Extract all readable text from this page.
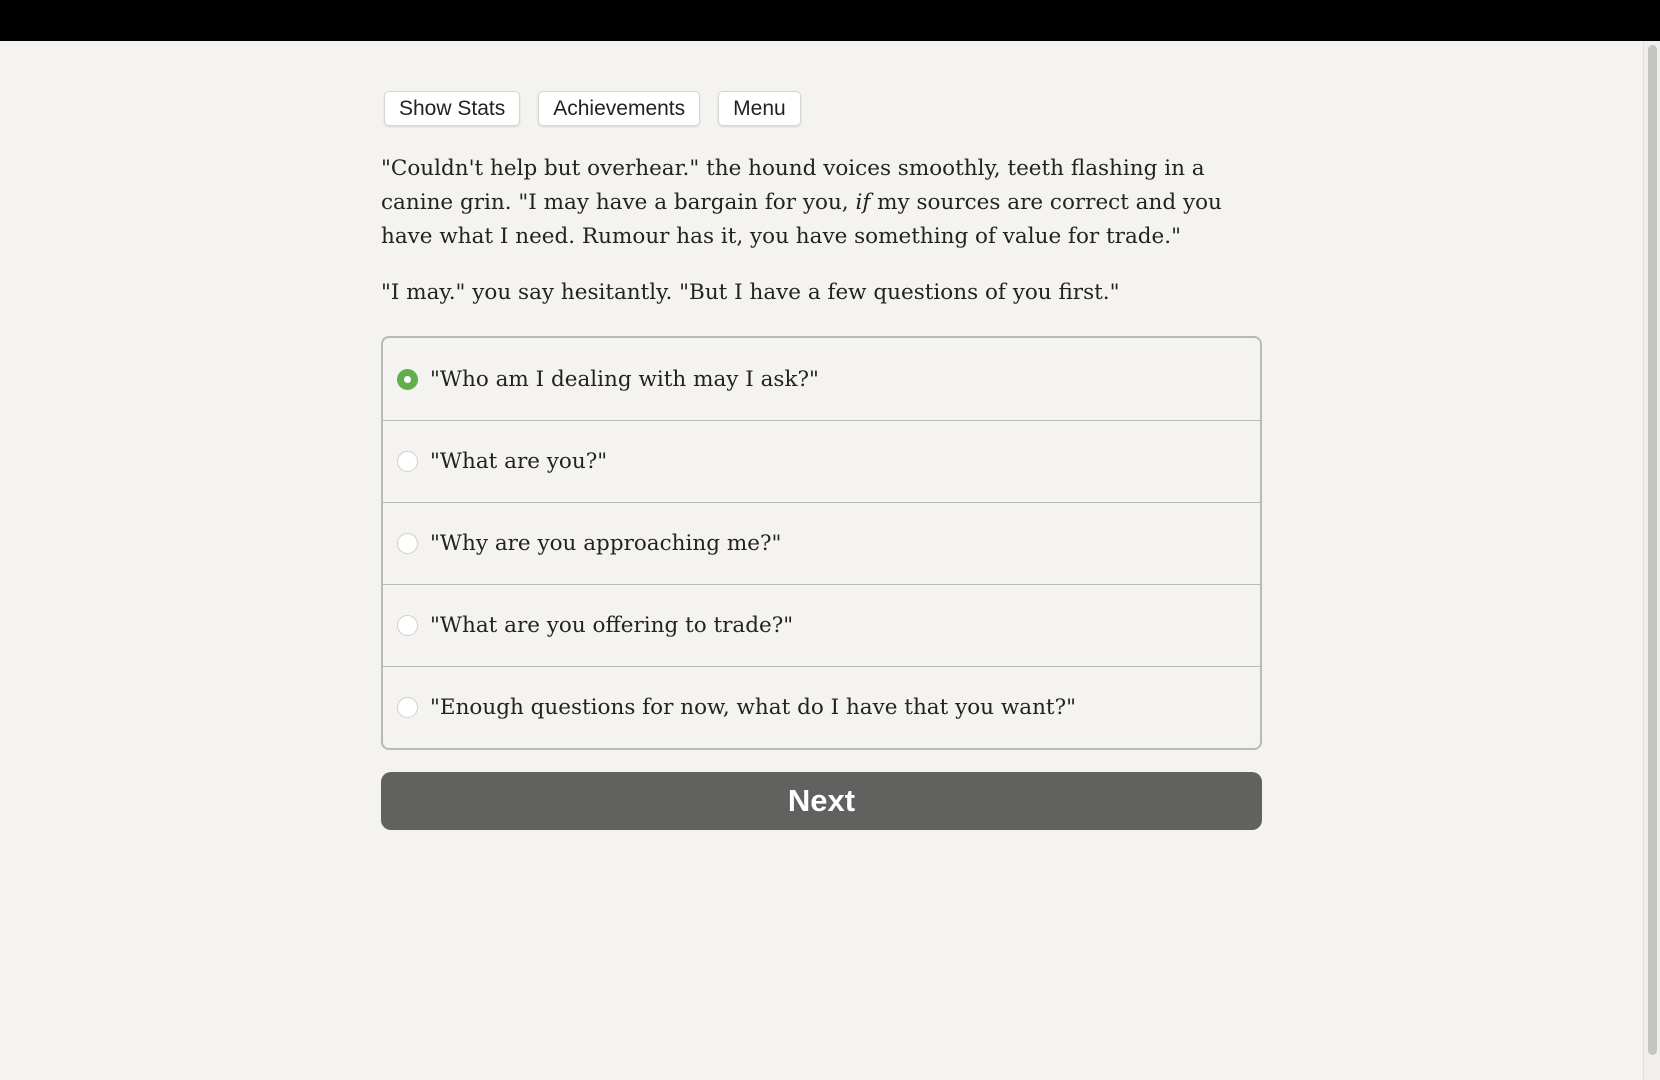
Show Stats	Achievements	Menu

"Couldn't help but overhear." the hound voices smoothly, teeth flashing in a canine grin. "I may have a bargain for you, if my sources are correct and you have what I need. Rumour has it, you have something of value for trade."

"I may." you say hesitantly. "But I have a few questions of you first."

"Who am I dealing with may I ask?"
"What are you?"
"Why are you approaching me?"
"What are you offering to trade?"
"Enough questions for now, what do I have that you want?"
Next
